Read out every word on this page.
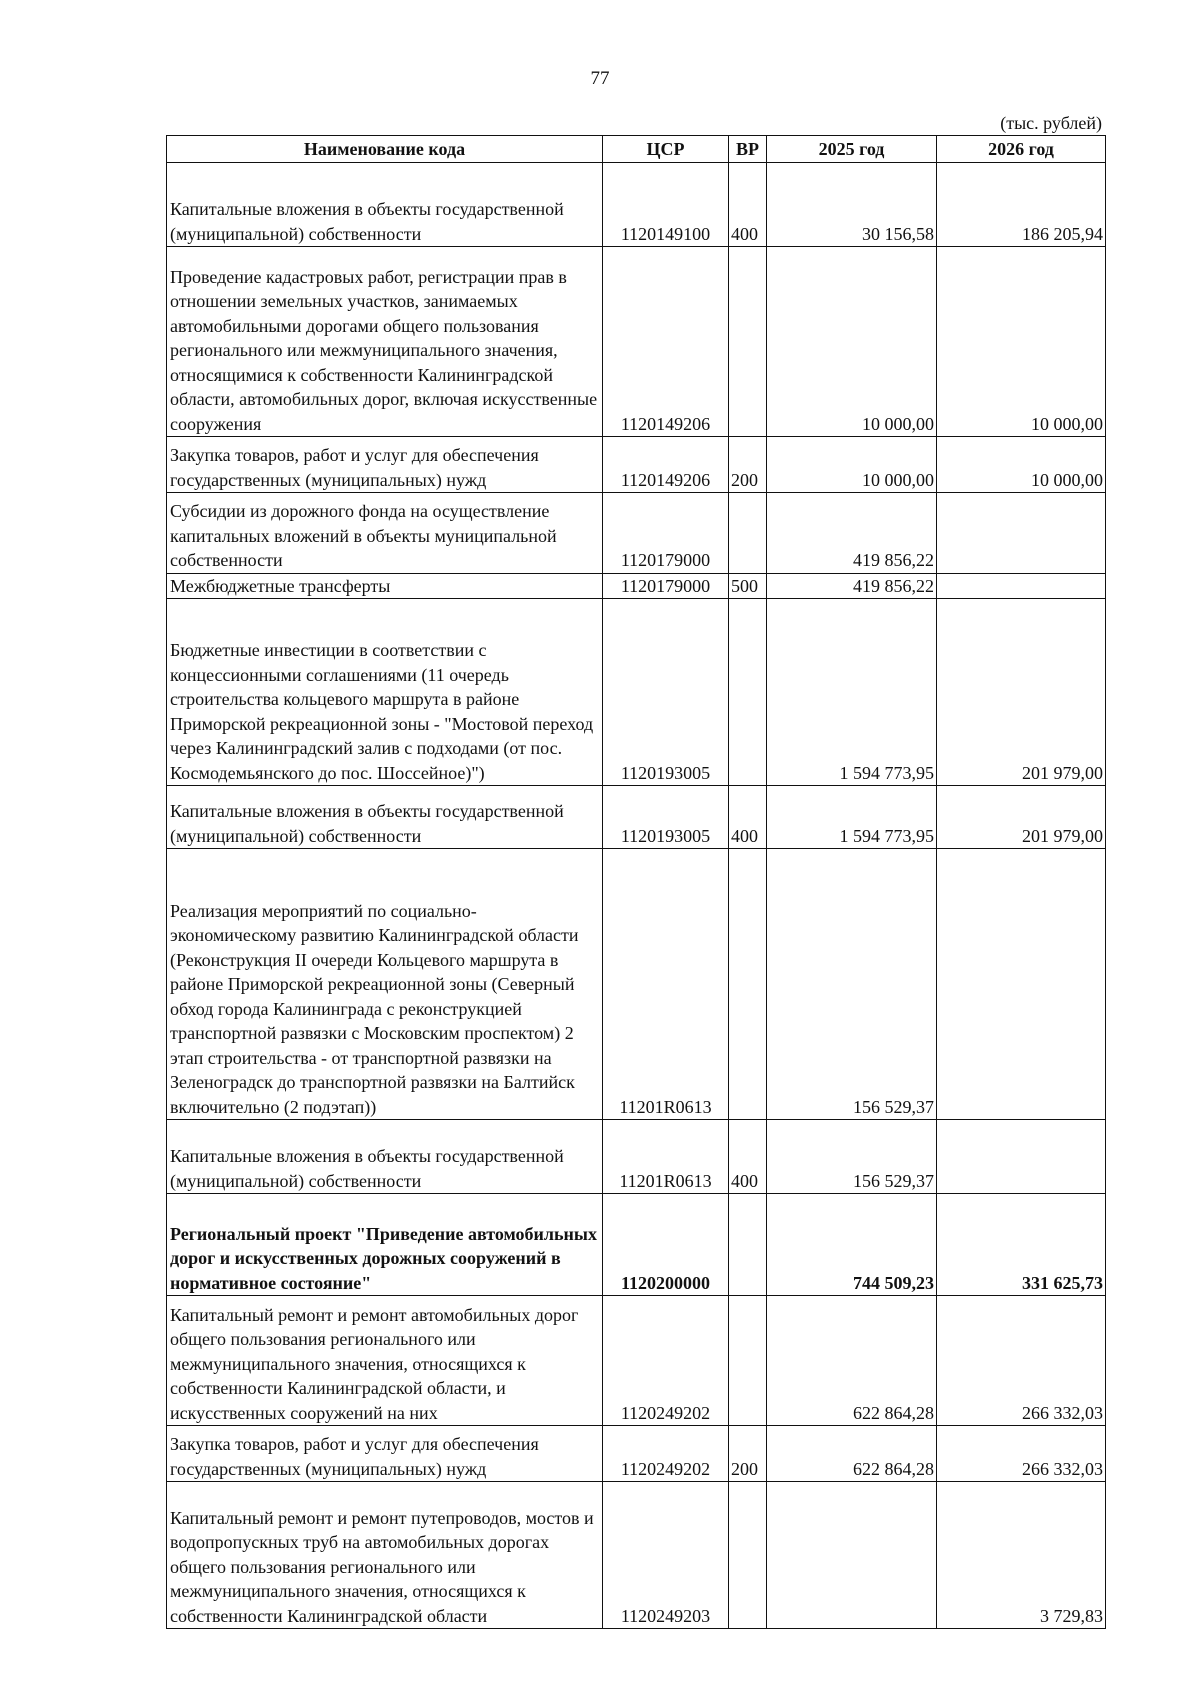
77
(тыс. рублей)
Наименование кода	ЦСР	ВР	2025 год	2026 год
Капитальные вложения в объекты государственной (муниципальной) собственности	1120149100	400	30 156,58	186 205,94
Проведение кадастровых работ, регистрации прав в отношении земельных участков, занимаемых автомобильными дорогами общего пользования регионального или межмуниципального значения, относящимися к собственности Калининградской области, автомобильных дорог, включая искусственные сооружения	1120149206		10 000,00	10 000,00
Закупка товаров, работ и услуг для обеспечения государственных (муниципальных) нужд	1120149206	200	10 000,00	10 000,00
Субсидии из дорожного фонда на осуществление капитальных вложений в объекты муниципальной собственности	1120179000		419 856,22	
Межбюджетные трансферты	1120179000	500	419 856,22	
Бюджетные инвестиции в соответствии с концессионными соглашениями (11 очередь строительства кольцевого маршрута в районе Приморской рекреационной зоны - "Мостовой переход через Калининградский залив с подходами (от пос. Космодемьянского до пос. Шоссейное)")	1120193005		1 594 773,95	201 979,00
Капитальные вложения в объекты государственной (муниципальной) собственности	1120193005	400	1 594 773,95	201 979,00
Реализация мероприятий по социально-экономическому развитию Калининградской области (Реконструкция II очереди Кольцевого маршрута в районе Приморской рекреационной зоны (Северный обход города Калининграда с реконструкцией транспортной развязки с Московским проспектом) 2 этап строительства - от транспортной развязки на Зеленоградск до транспортной развязки на Балтийск включительно (2 подэтап))	11201R0613		156 529,37	
Капитальные вложения в объекты государственной (муниципальной) собственности	11201R0613	400	156 529,37	
Региональный проект "Приведение автомобильных дорог и искусственных дорожных сооружений в нормативное состояние"	1120200000		744 509,23	331 625,73
Капитальный ремонт и ремонт автомобильных дорог общего пользования регионального или межмуниципального значения, относящихся к собственности Калининградской области, и искусственных сооружений на них	1120249202		622 864,28	266 332,03
Закупка товаров, работ и услуг для обеспечения государственных (муниципальных) нужд	1120249202	200	622 864,28	266 332,03
Капитальный ремонт и ремонт путепроводов, мостов и водопропускных труб на автомобильных дорогах общего пользования регионального или межмуниципального значения, относящихся к собственности Калининградской области	1120249203			3 729,83
